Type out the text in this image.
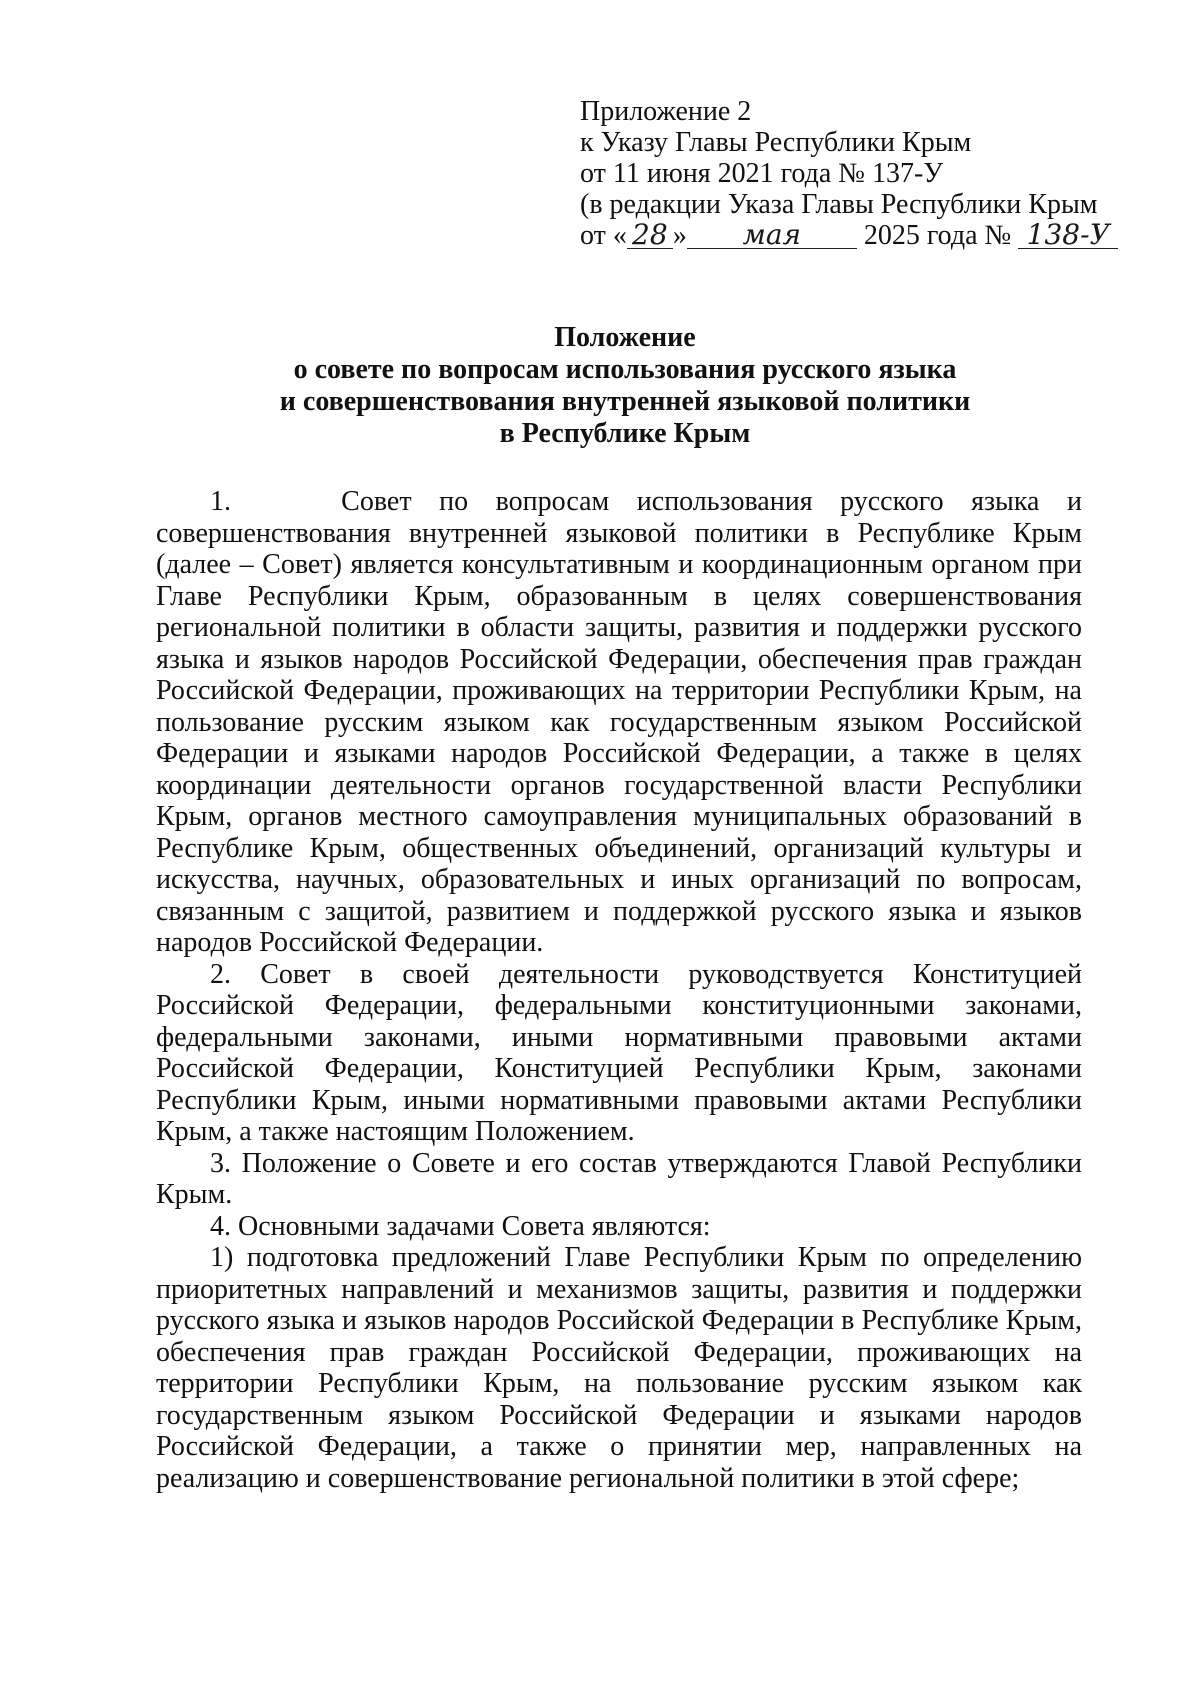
Приложение 2
к Указу Главы Республики Крым
от 11 июня 2021 года № 137-У
(в редакции Указа Главы Республики Крым
от « 28 » мая 2025 года № 138-У
Положение
о совете по вопросам использования русского языка
и совершенствования внутренней языковой политики
в Республике Крым

1.    Совет по вопросам использования русского языка и совершенствования внутренней языковой политики в Республике Крым (далее – Совет) является консультативным и координационным органом при Главе Республики Крым, образованным в целях совершенствования региональной политики в области защиты, развития и поддержки русского языка и языков народов Российской Федерации, обеспечения прав граждан Российской Федерации, проживающих на территории Республики Крым, на пользование русским языком как государственным языком Российской Федерации и языками народов Российской Федерации, а также в целях координации деятельности органов государственной власти Республики Крым, органов местного самоуправления муниципальных образований в Республике Крым, общественных объединений, организаций культуры и искусства, научных, образовательных и иных организаций по вопросам, связанным с защитой, развитием и поддержкой русского языка и языков народов Российской Федерации.

2. Совет в своей деятельности руководствуется Конституцией Российской Федерации, федеральными конституционными законами, федеральными законами, иными нормативными правовыми актами Российской Федерации, Конституцией Республики Крым, законами Республики Крым, иными нормативными правовыми актами Республики Крым, а также настоящим Положением.

3. Положение о Совете и его состав утверждаются Главой Республики Крым.

4. Основными задачами Совета являются:

1) подготовка предложений Главе Республики Крым по определению приоритетных направлений и механизмов защиты, развития и поддержки русского языка и языков народов Российской Федерации в Республике Крым, обеспечения прав граждан Российской Федерации, проживающих на территории Республики Крым, на пользование русским языком как государственным языком Российской Федерации и языками народов Российской Федерации, а также о принятии мер, направленных на реализацию и совершенствование региональной политики в этой сфере;
